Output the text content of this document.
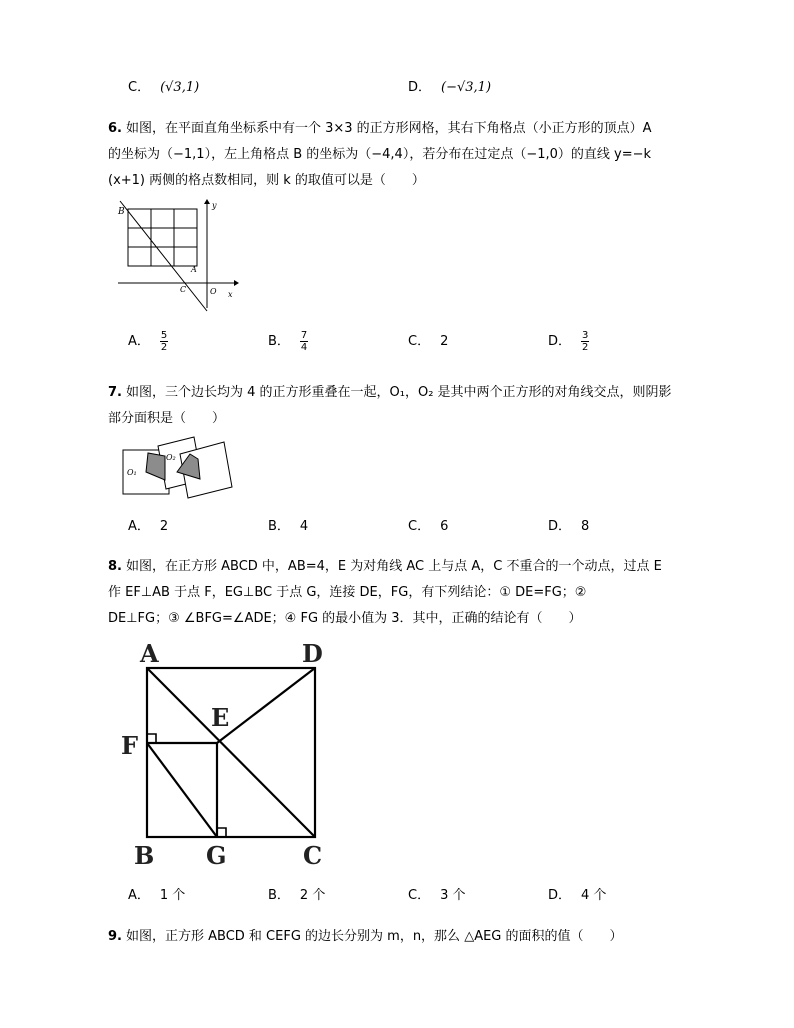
C． (√3,1)	D． (−√3,1)
6. 如图，在平面直角坐标系中有一个 3×3 的正方形网格，其右下角格点（小正方形的顶点）A
的坐标为（−1,1），左上角格点 B 的坐标为（−4,4），若分布在过定点（−1,0）的直线 y=−k
(x+1) 两侧的格点数相同，则 k 的取值可以是（　　）
B
A
C	O x
y
A． $\frac{5}{2}$	B． $\frac{7}{4}$	C． 2	D． $\frac{3}{2}$
7. 如图，三个边长均为 4 的正方形重叠在一起，O₁，O₂ 是其中两个正方形的对角线交点，则阴影
部分面积是（　　）
O₁
O₂
A． 2	B． 4	C． 6	D． 8
8. 如图，在正方形 ABCD 中，AB=4，E 为对角线 AC 上与点 A，C 不重合的一个动点，过点 E
作 EF⊥AB 于点 F，EG⊥BC 于点 G，连接 DE，FG，有下列结论：① DE=FG；②
DE⊥FG；③ ∠BFG=∠ADE；④ FG 的最小值为 3．其中，正确的结论有（　　）
A	D
E
F
B G	C
A． 1 个	B． 2 个	C． 3 个	D． 4 个
9. 如图，正方形 ABCD 和 CEFG 的边长分别为 m，n，那么 △AEG 的面积的值（　　）
